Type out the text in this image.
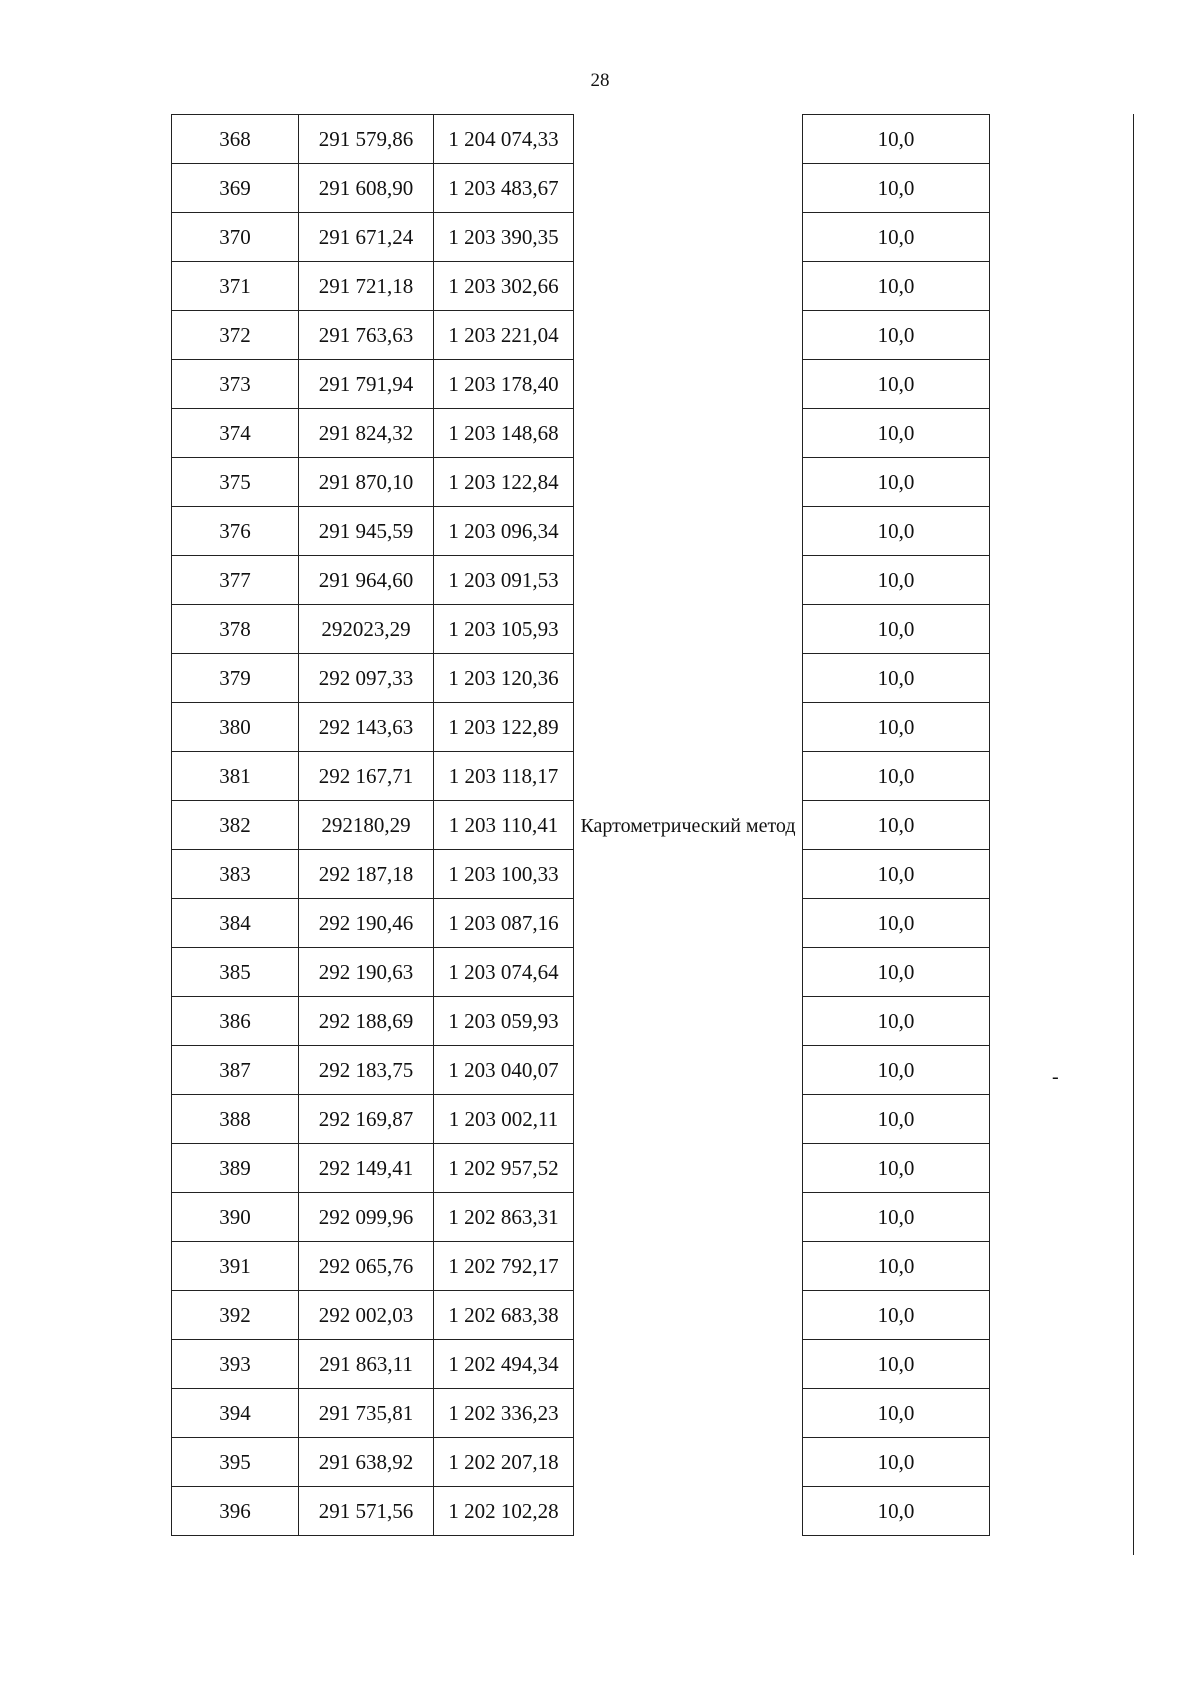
28
368	291 579,86	1 204 074,33	Картометрический метод	10,0
369	291 608,90	1 203 483,67		10,0
370	291 671,24	1 203 390,35		10,0
371	291 721,18	1 203 302,66		10,0
372	291 763,63	1 203 221,04		10,0
373	291 791,94	1 203 178,40		10,0
374	291 824,32	1 203 148,68		10,0
375	291 870,10	1 203 122,84		10,0
376	291 945,59	1 203 096,34		10,0
377	291 964,60	1 203 091,53		10,0
378	292023,29	1 203 105,93		10,0
379	292 097,33	1 203 120,36		10,0
380	292 143,63	1 203 122,89		10,0
381	292 167,71	1 203 118,17		10,0
382	292180,29	1 203 110,41		10,0
383	292 187,18	1 203 100,33		10,0
384	292 190,46	1 203 087,16		10,0
385	292 190,63	1 203 074,64		10,0
386	292 188,69	1 203 059,93		10,0
387	292 183,75	1 203 040,07		10,0
388	292 169,87	1 203 002,11		10,0
389	292 149,41	1 202 957,52		10,0
390	292 099,96	1 202 863,31		10,0
391	292 065,76	1 202 792,17		10,0
392	292 002,03	1 202 683,38		10,0
393	291 863,11	1 202 494,34		10,0
394	291 735,81	1 202 336,23		10,0
395	291 638,92	1 202 207,18		10,0
396	291 571,56	1 202 102,28		10,0
-
